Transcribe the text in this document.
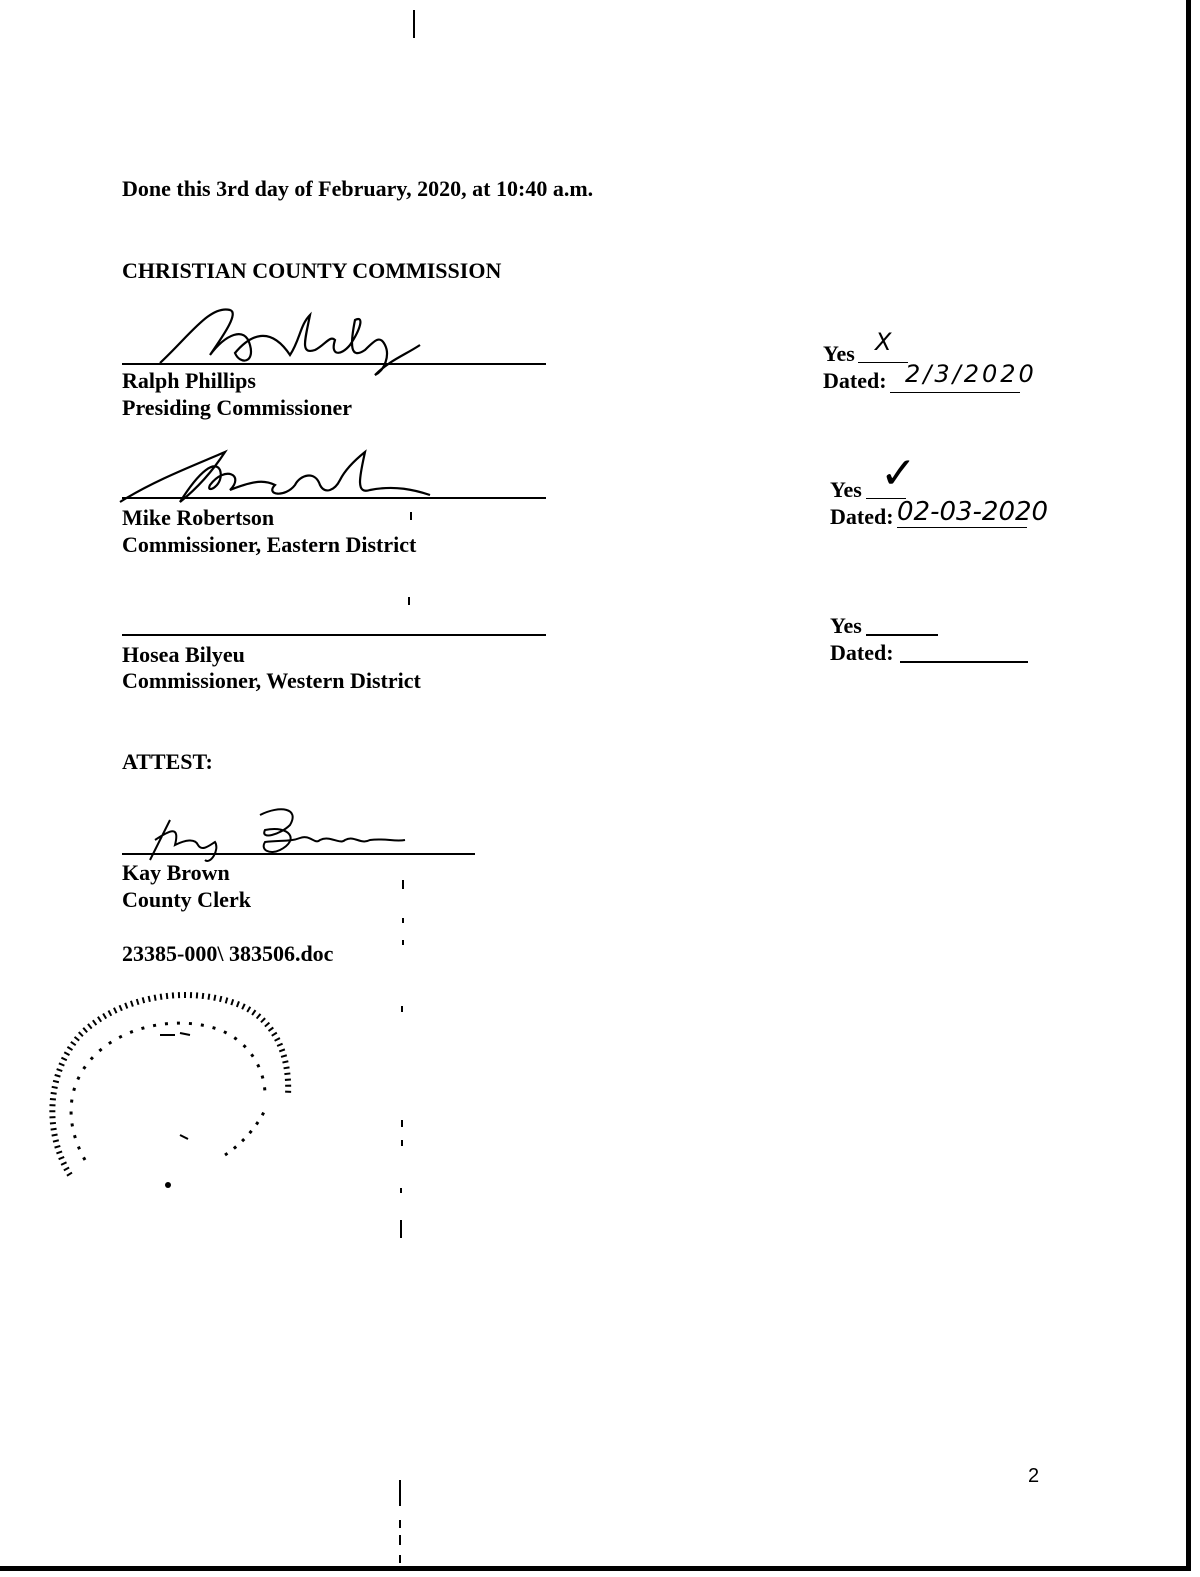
Done this 3rd day of February, 2020, at 10:40 a.m.
CHRISTIAN COUNTY COMMISSION
Ralph Phillips
Presiding Commissioner
Yes X
Dated: 2/3/2020
Mike Robertson
Commissioner, Eastern District
Yes ✓
Dated: 02-03-2020
Hosea Bilyeu
Commissioner, Western District
Yes
Dated:
ATTEST:
Kay Brown
County Clerk
23385-000\ 383506.doc
2
